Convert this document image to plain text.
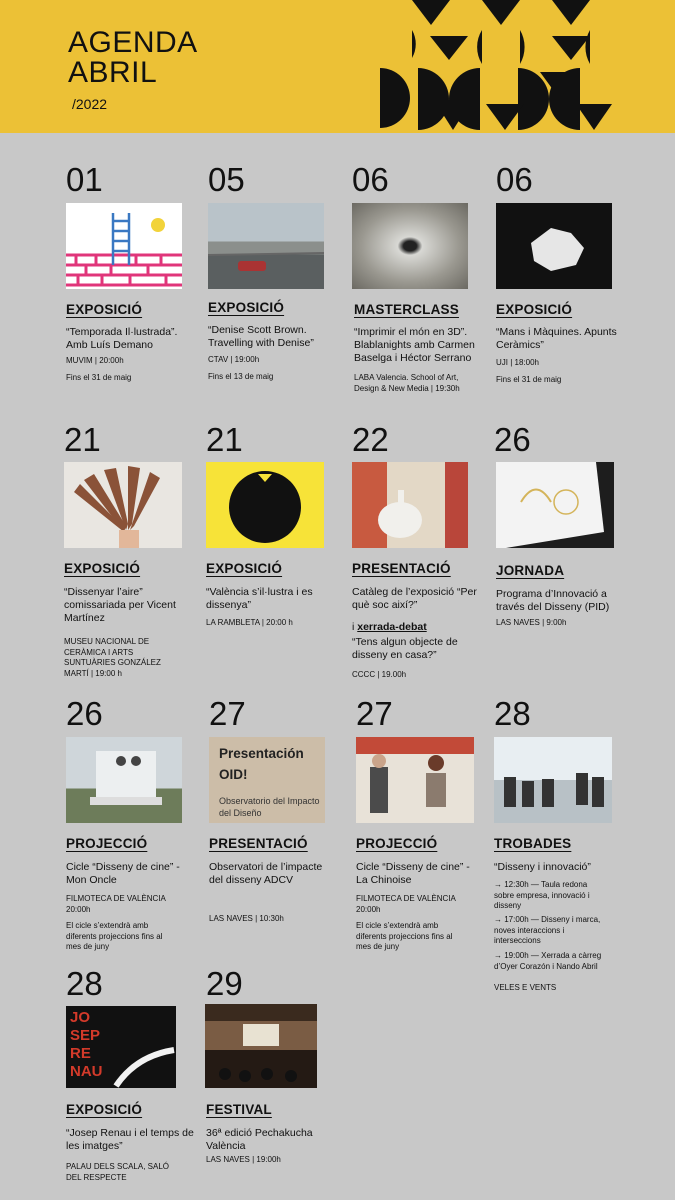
AGENDA
ABRIL
/2022
01
EXPOSICIÓ
“Temporada Il·lustrada”. Amb Luís Demano
MUVIM | 20:00h
Fins el 31 de maig
05
EXPOSICIÓ
“Denise Scott Brown. Travelling with Denise”
CTAV | 19:00h
Fins el 13 de maig
06
MASTERCLASS
“Imprimir el món en 3D”. Blablanights amb Carmen Baselga i Héctor Serrano
LABA Valencia. School of Art, Design & New Media | 19:30h
06
EXPOSICIÓ
“Mans i Màquines. Apunts Ceràmics”
UJI | 18:00h
Fins el 31 de maig
21
EXPOSICIÓ
“Dissenyar l’aire” comissariada per Vicent Martínez
MUSEU NACIONAL DE CERÀMICA I ARTS SUNTUÀRIES GONZÁLEZ MARTÍ | 19:00 h
21
EXPOSICIÓ
“València s’il·lustra i es dissenya”
LA RAMBLETA | 20:00 h
22
PRESENTACIÓ
Catàleg de l’exposició “Per què soc així?”
i xerrada-debat
“Tens algun objecte de disseny en casa?”
CCCC | 19.00h
26
JORNADA
Programa d’Innovació a través del Disseny (PID)
LAS NAVES | 9:00h
26
PROJECCIÓ
Cicle “Disseny de cine” -Mon Oncle
FILMOTECA DE VALÈNCIA 20:00h
El cicle s’extendrà amb diferents projeccions fins al mes de juny
27
Presentación OID!
Observatorio del Impacto del Diseño
PRESENTACIÓ
Observatori de l’impacte del disseny ADCV
LAS NAVES | 10:30h
27
PROJECCIÓ
Cicle “Disseny de cine” - La Chinoise
FILMOTECA DE VALÈNCIA 20:00h
El cicle s’extendrà amb diferents projeccions fins al mes de juny
28
TROBADES
“Disseny i innovació”
→ 12:30h — Taula redona sobre empresa, innovació i disseny
→ 17:00h — Disseny i marca, noves interaccions i interseccions
→ 19:00h — Xerrada a càrreg d’Oyer Corazón i Nando Abril
VELES E VENTS
28
JO SEP RE NAU
EXPOSICIÓ
“Josep Renau i el temps de les imatges”
PALAU DELS SCALA, SALÓ DEL RESPECTE
29
FESTIVAL
36ª edició Pechakucha València
LAS NAVES | 19:00h
